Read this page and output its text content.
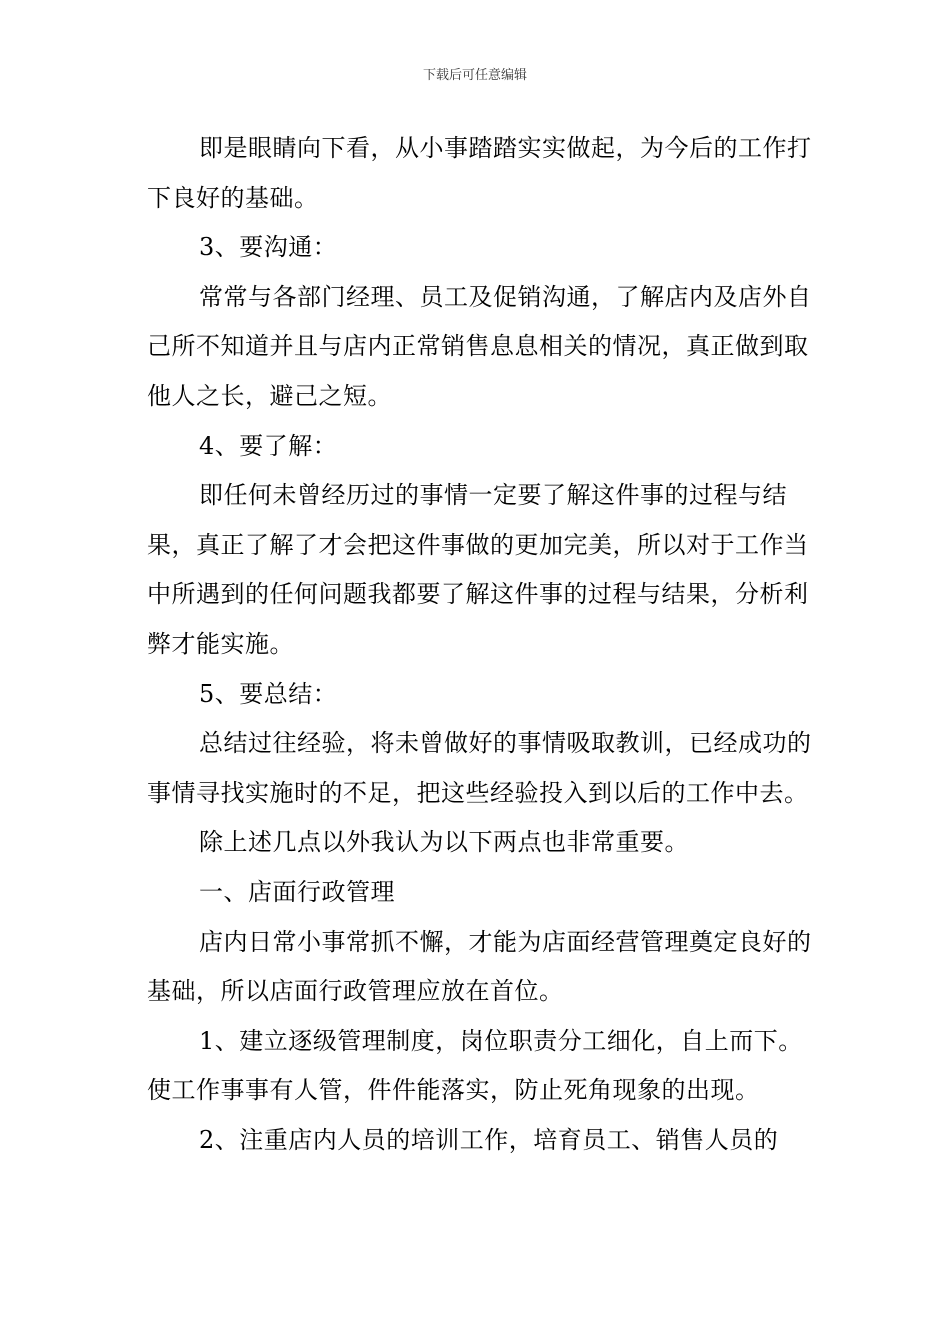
下载后可任意编辑

即是眼睛向下看，从小事踏踏实实做起，为今后的工作打下良好的基础。

3、要沟通：

常常与各部门经理、员工及促销沟通，了解店内及店外自己所不知道并且与店内正常销售息息相关的情况，真正做到取他人之长，避己之短。

4、要了解：

即任何未曾经历过的事情一定要了解这件事的过程与结果，真正了解了才会把这件事做的更加完美，所以对于工作当中所遇到的任何问题我都要了解这件事的过程与结果，分析利弊才能实施。

5、要总结：

总结过往经验，将未曾做好的事情吸取教训，已经成功的事情寻找实施时的不足，把这些经验投入到以后的工作中去。

除上述几点以外我认为以下两点也非常重要。

一、店面行政管理

店内日常小事常抓不懈，才能为店面经营管理奠定良好的基础，所以店面行政管理应放在首位。

1、建立逐级管理制度，岗位职责分工细化，自上而下。使工作事事有人管，件件能落实，防止死角现象的出现。

2、注重店内人员的培训工作，培育员工、销售人员的
